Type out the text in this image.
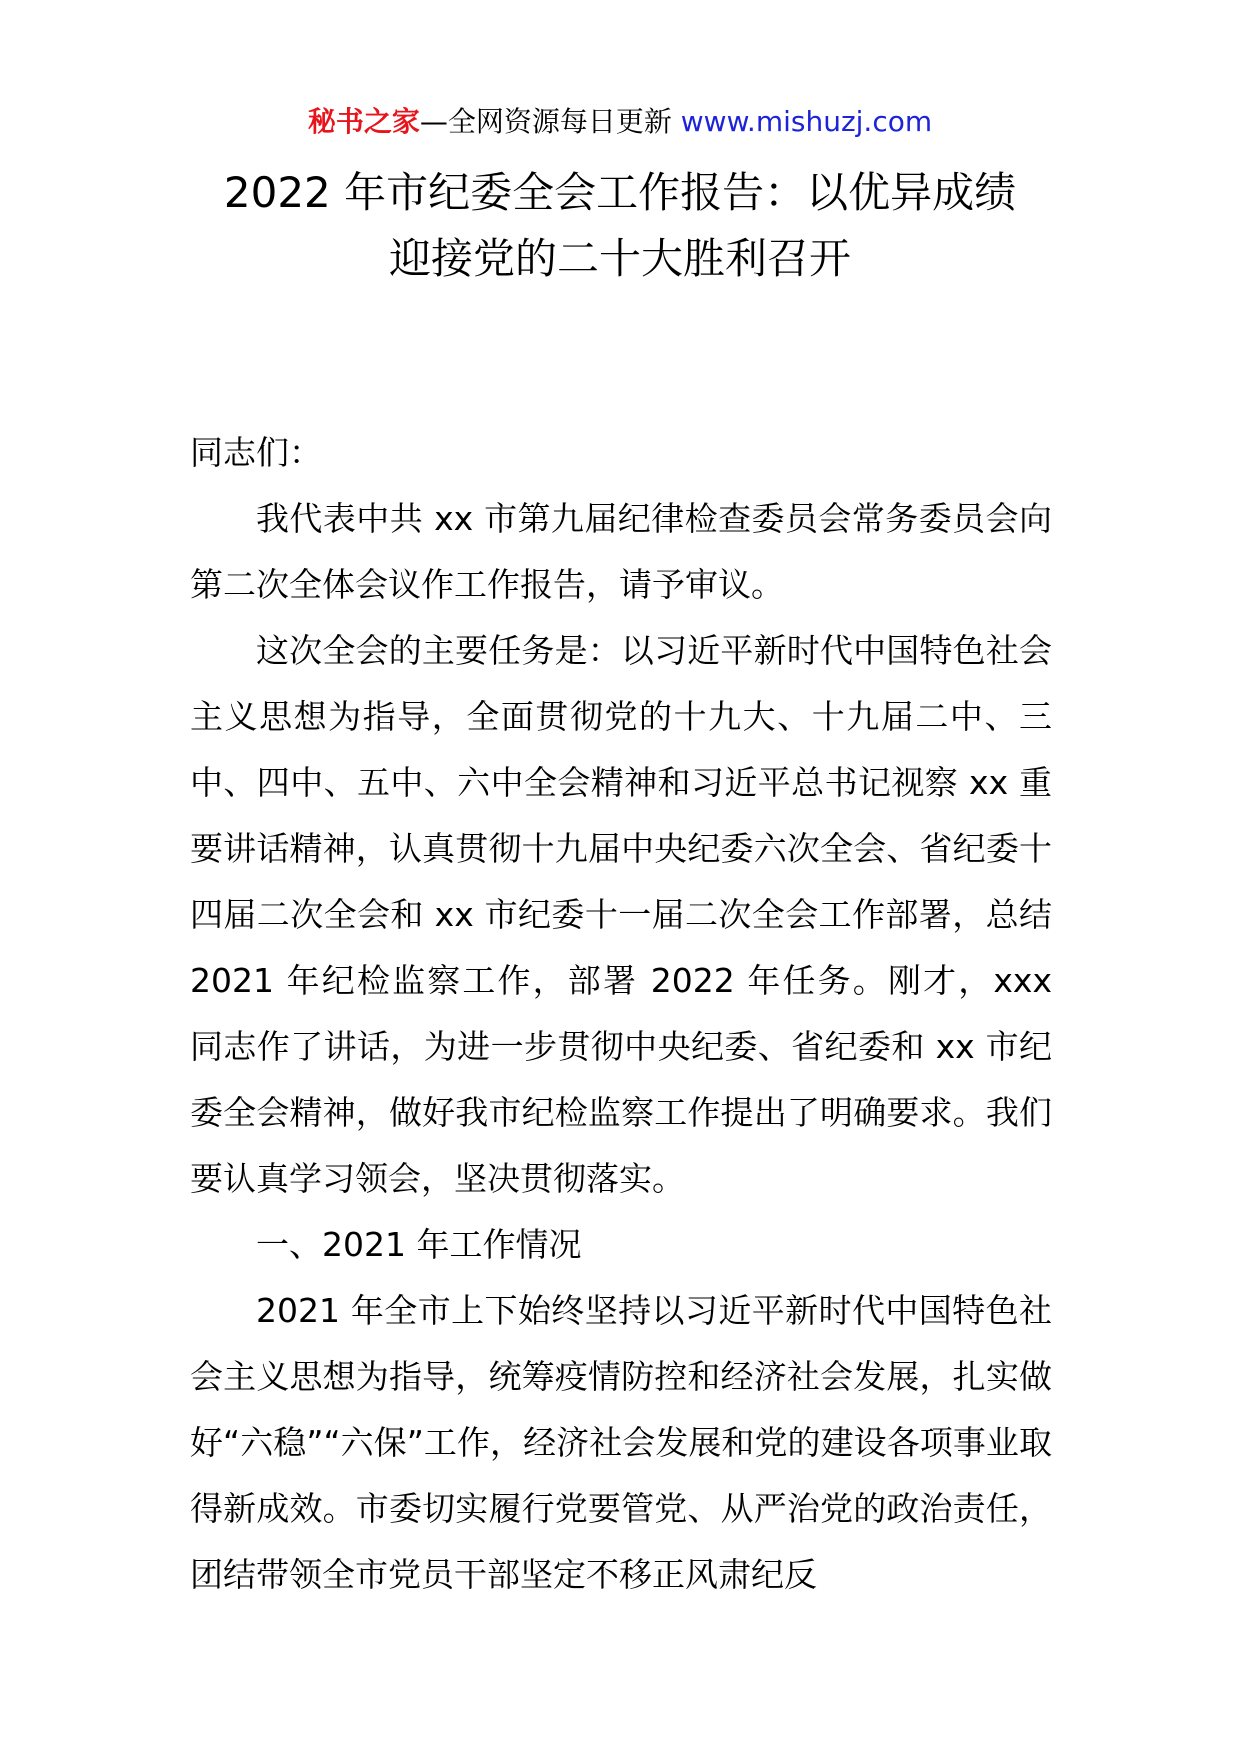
秘书之家—全网资源每日更新 www.mishuzj.com
2022 年市纪委全会工作报告：以优异成绩
迎接党的二十大胜利召开

同志们：

我代表中共 xx 市第九届纪律检查委员会常务委员会向第二次全体会议作工作报告，请予审议。

这次全会的主要任务是：以习近平新时代中国特色社会主义思想为指导，全面贯彻党的十九大、十九届二中、三中、四中、五中、六中全会精神和习近平总书记视察 xx 重要讲话精神，认真贯彻十九届中央纪委六次全会、省纪委十四届二次全会和 xx 市纪委十一届二次全会工作部署，总结 2021 年纪检监察工作，部署 2022 年任务。刚才，xxx 同志作了讲话，为进一步贯彻中央纪委、省纪委和 xx 市纪委全会精神，做好我市纪检监察工作提出了明确要求。我们要认真学习领会，坚决贯彻落实。

一、2021 年工作情况

2021 年全市上下始终坚持以习近平新时代中国特色社会主义思想为指导，统筹疫情防控和经济社会发展，扎实做好“六稳”“六保”工作，经济社会发展和党的建设各项事业取得新成效。市委切实履行党要管党、从严治党的政治责任，团结带领全市党员干部坚定不移正风肃纪反
